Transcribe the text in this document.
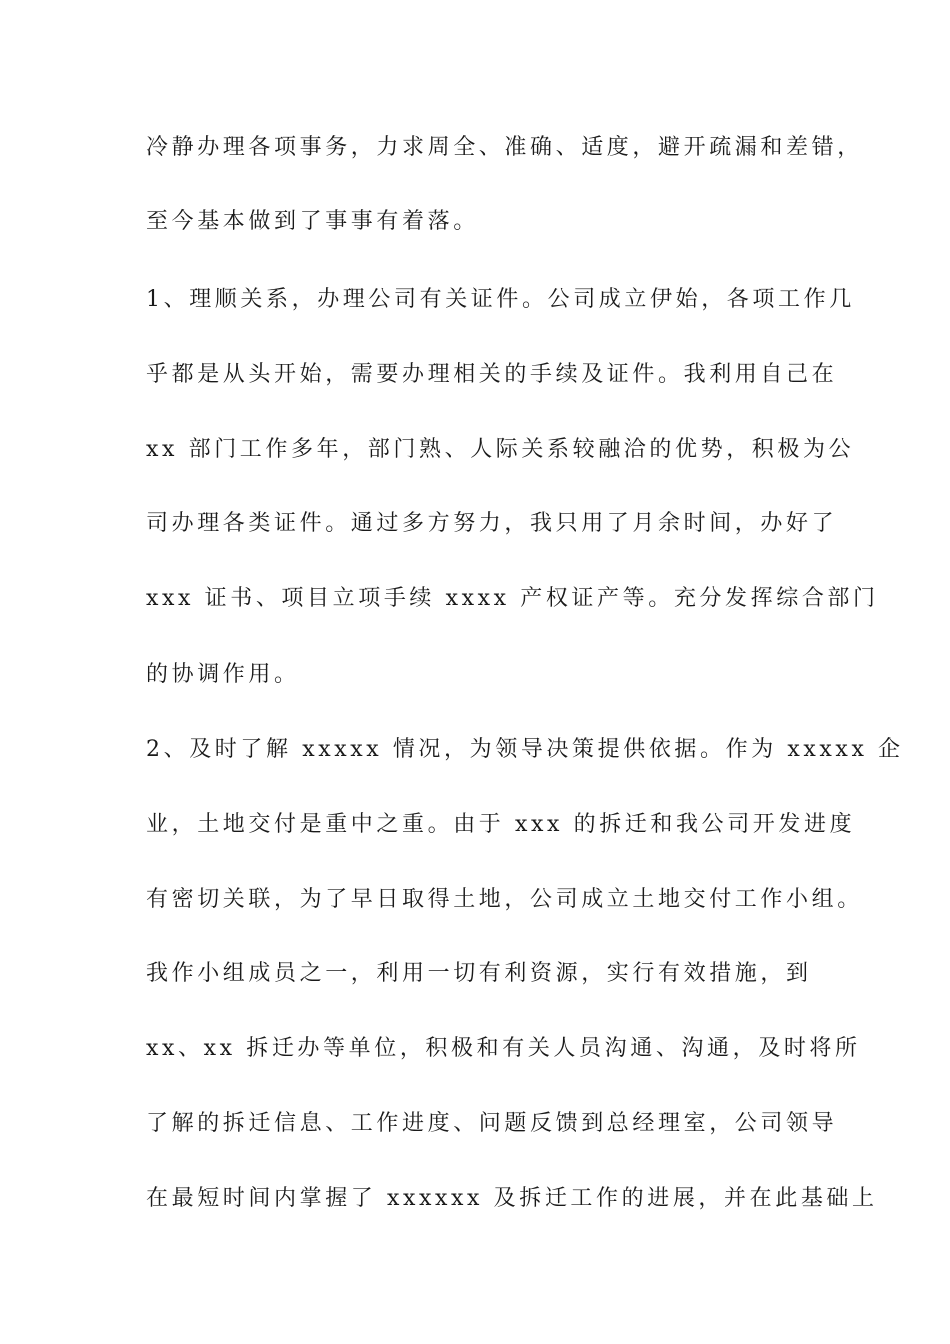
冷静办理各项事务，力求周全、准确、适度，避开疏漏和差错，
至今基本做到了事事有着落。
1、理顺关系，办理公司有关证件。公司成立伊始，各项工作几
乎都是从头开始，需要办理相关的手续及证件。我利用自己在
xx 部门工作多年，部门熟、人际关系较融洽的优势，积极为公
司办理各类证件。通过多方努力，我只用了月余时间，办好了
xxx 证书、项目立项手续 xxxx 产权证产等。充分发挥综合部门
的协调作用。
2、及时了解 xxxxx 情况，为领导决策提供依据。作为 xxxxx 企
业，土地交付是重中之重。由于 xxx 的拆迁和我公司开发进度
有密切关联，为了早日取得土地，公司成立土地交付工作小组。
我作小组成员之一，利用一切有利资源，实行有效措施，到
xx、xx 拆迁办等单位，积极和有关人员沟通、沟通，及时将所
了解的拆迁信息、工作进度、问题反馈到总经理室，公司领导
在最短时间内掌握了 xxxxxx 及拆迁工作的进展，并在此基础上
